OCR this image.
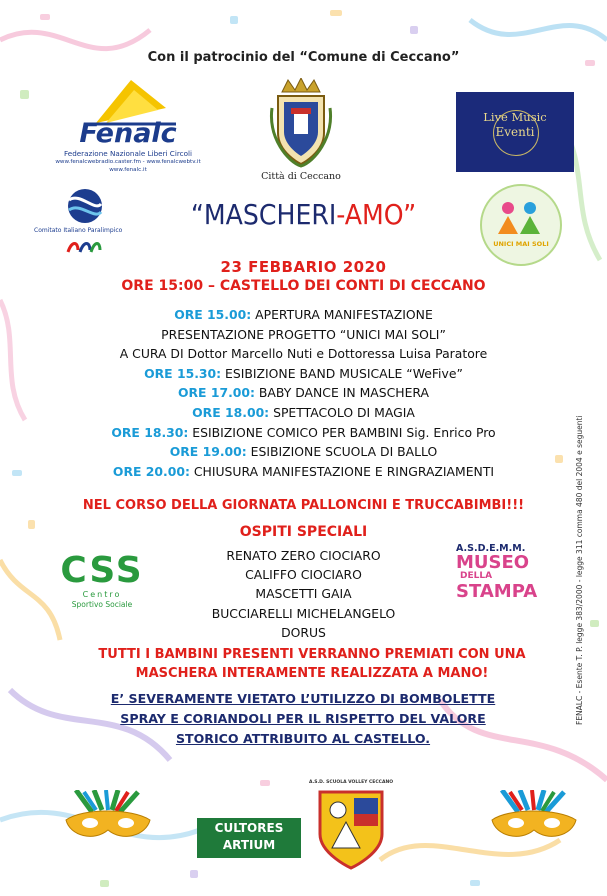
Con il patrocinio del “Comune di Ceccano”
Fenalc
Federazione Nazionale Liberi Circoli
www.fenalcwebradio.caster.fm - www.fenalcwebtv.it
www.fenalc.it
Città di Ceccano
Live Music
Eventi
Comitato Italiano Paralimpico
UNICI MAI SOLI
“MASCHERI-AMO”
23 FEBBARIO 2020
ORE 15:00 – CASTELLO DEI CONTI DI CECCANO
ORE 15.00: APERTURA MANIFESTAZIONE
PRESENTAZIONE PROGETTO “UNICI MAI SOLI”
A CURA DI Dottor Marcello Nuti e Dottoressa Luisa Paratore
ORE 15.30: ESIBIZIONE BAND MUSICALE “WeFive”
ORE 17.00: BABY DANCE IN MASCHERA
ORE 18.00: SPETTACOLO DI MAGIA
ORE 18.30: ESIBIZIONE COMICO PER BAMBINI Sig. Enrico Pro
ORE 19.00: ESIBIZIONE SCUOLA DI BALLO
ORE 20.00: CHIUSURA MANIFESTAZIONE E RINGRAZIAMENTI
NEL CORSO DELLA GIORNATA PALLONCINI E TRUCCABIMBI!!!
OSPITI SPECIALI
RENATO ZERO CIOCIARO
CALIFFO CIOCIARO
MASCETTI GAIA
BUCCIARELLI MICHELANGELO
DORUS
CSS
Centro
Sportivo Sociale
A.S.D.E.M.M.
MUSEO
DELLA
STAMPA
TUTTI I BAMBINI PRESENTI VERRANNO PREMIATI CON UNA
MASCHERA INTERAMENTE REALIZZATA A MANO!
E’ SEVERAMENTE VIETATO L’UTILIZZO DI BOMBOLETTE
SPRAY E CORIANDOLI PER IL RISPETTO DEL VALORE
STORICO ATTRIBUITO AL CASTELLO.
FENALC - Esente T. P. legge 383/2000 - legge 311 comma 480 del 2004 e seguenti
CULTORES
ARTIUM
A.S.D. SCUOLA VOLLEY CECCANO
